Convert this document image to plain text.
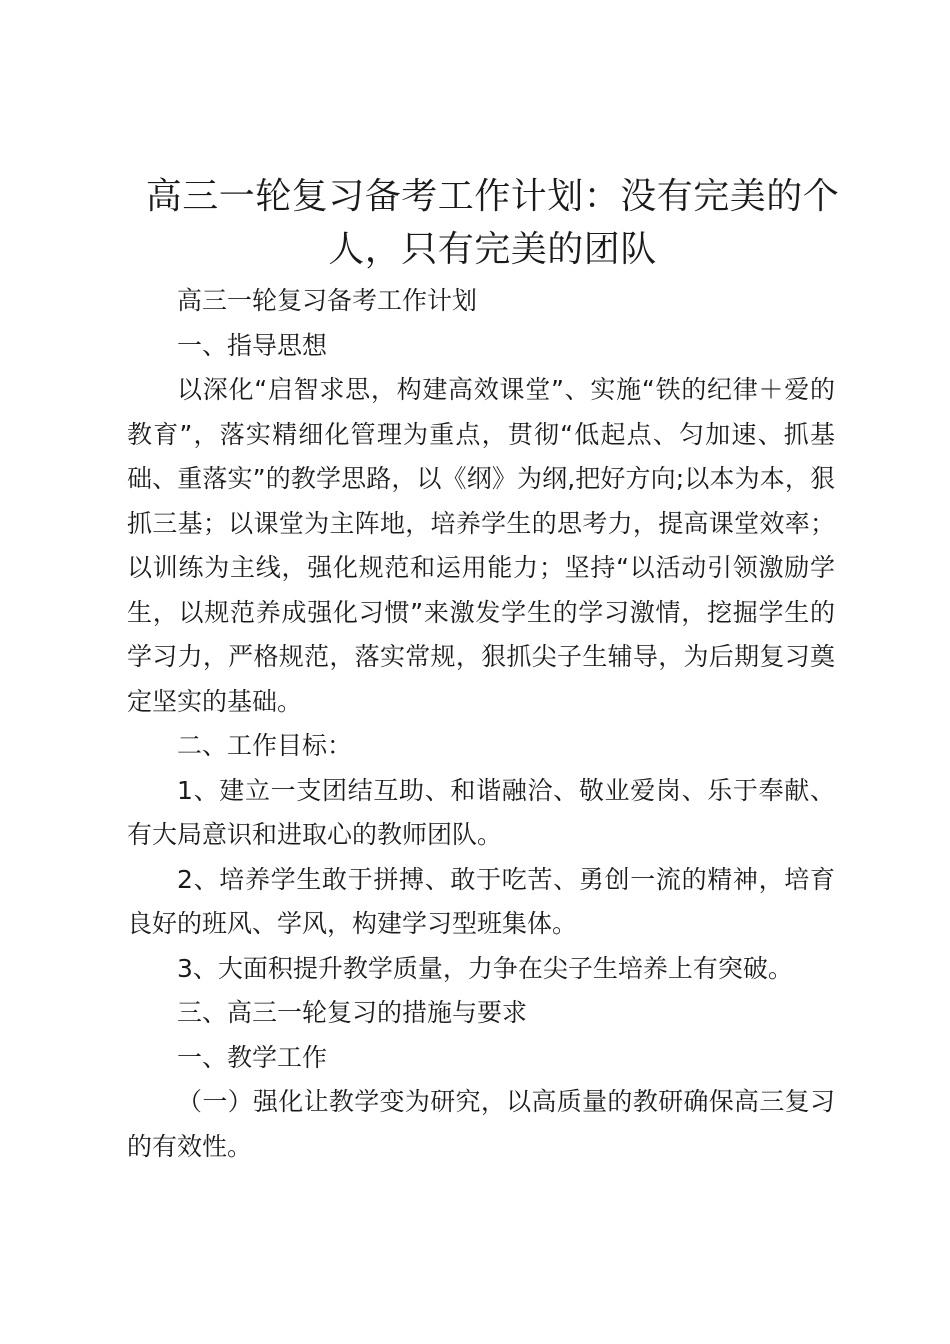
高三一轮复习备考工作计划：没有完美的个人，只有完美的团队

高三一轮复习备考工作计划

一、指导思想

以深化“启智求思，构建高效课堂”、实施“铁的纪律＋爱的教育”，落实精细化管理为重点，贯彻“低起点、匀加速、抓基础、重落实”的教学思路，以《纲》为纲,把好方向;以本为本，狠抓三基；以课堂为主阵地，培养学生的思考力，提高课堂效率；以训练为主线，强化规范和运用能力；坚持“以活动引领激励学生，以规范养成强化习惯”来激发学生的学习激情，挖掘学生的学习力，严格规范，落实常规，狠抓尖子生辅导，为后期复习奠定坚实的基础。

二、工作目标：

1、建立一支团结互助、和谐融洽、敬业爱岗、乐于奉献、有大局意识和进取心的教师团队。

2、培养学生敢于拼搏、敢于吃苦、勇创一流的精神，培育良好的班风、学风，构建学习型班集体。

3、大面积提升教学质量，力争在尖子生培养上有突破。

三、高三一轮复习的措施与要求

一、教学工作

（一）强化让教学变为研究，以高质量的教研确保高三复习的有效性。
